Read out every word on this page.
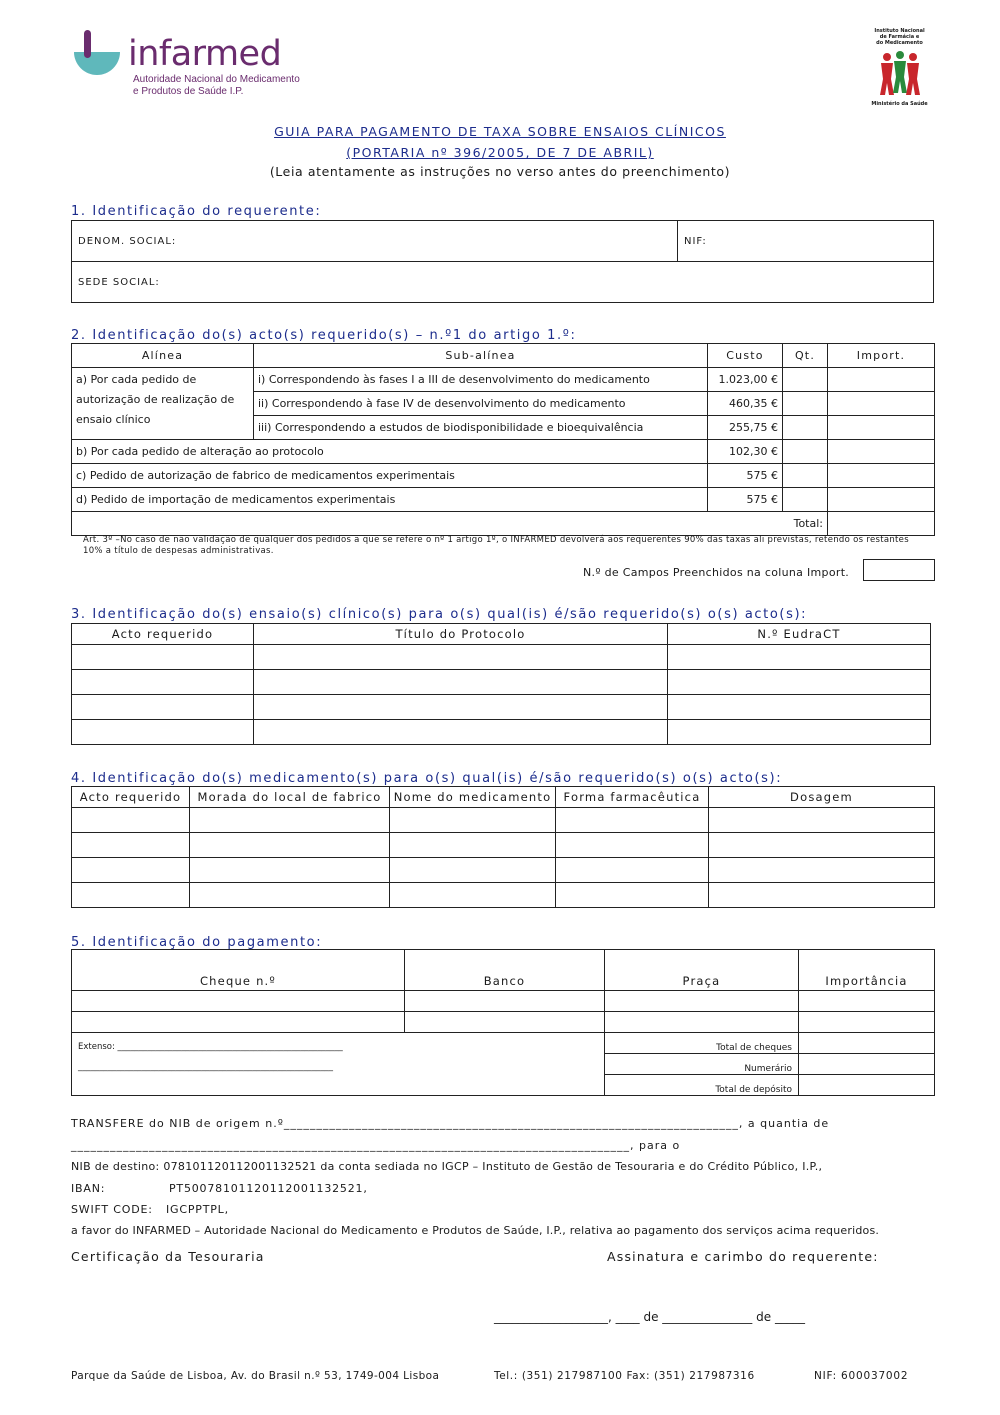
infarmed
Autoridade Nacional do Medicamento
e Produtos de Saúde I.P.
Instituto Nacional
de Farmácia e
do Medicamento
Ministério da Saúde
GUIA PARA PAGAMENTO DE TAXA SOBRE ENSAIOS CLÍNICOS
(PORTARIA nº 396/2005, DE 7 DE ABRIL)
(Leia atentamente as instruções no verso antes do preenchimento)
1. Identificação do requerente:
DENOM. SOCIAL:	NIF:
SEDE SOCIAL:
2. Identificação do(s) acto(s) requerido(s) – n.º1 do artigo 1.º:
Alínea	Sub-alínea	Custo	Qt.	Import.

a) Por cada pedido de
autorização de realização de
ensaio clínico	i) Correspondendo às fases I a III de desenvolvimento do medicamento	1.023,00 €		
	ii) Correspondendo à fase IV de desenvolvimento do medicamento	460,35 €		
	iii) Correspondendo a estudos de biodisponibilidade e bioequivalência	255,75 €		
b) Por cada pedido de alteração ao protocolo		102,30 €		
c) Pedido de autorização de fabrico de medicamentos experimentais		575 €		
d) Pedido de importação de medicamentos experimentais		575 €		
Total:				
Art. 3º –No caso de não validação de qualquer dos pedidos a que se refere o nº 1 artigo 1º, o INFARMED devolverá aos requerentes 90% das taxas ali previstas, retendo os restantes 10% a título de despesas administrativas.
N.º de Campos Preenchidos na coluna Import.
3. Identificação do(s) ensaio(s) clínico(s) para o(s) qual(is) é/são requerido(s) o(s) acto(s):
Acto requerido	Título do Protocolo	N.º EudraCT

4. Identificação do(s) medicamento(s) para o(s) qual(is) é/são requerido(s) o(s) acto(s):
Acto requerido	Morada do local de fabrico	Nome do medicamento	Forma farmacêutica	Dosagem

5. Identificação do pagamento:
Cheque n.º	Banco	Praça	Importância

Extenso: _____________________________________________________
____________________________________________________________		Total de cheques	
		Numerário	
		Total de depósito	
TRANSFERE do NIB de origem n.º______________________________________________________________________, a quantia de
______________________________________________________________________________________, para o
NIB de destino: 078101120112001132521 da conta sediada no IGCP – Instituto de Gestão de Tesouraria e do Crédito Público, I.P.,
IBAN:	PT50078101120112001132521,
SWIFT CODE: IGCPPTPL,
a favor do INFARMED – Autoridade Nacional do Medicamento e Produtos de Saúde, I.P., relativa ao pagamento dos serviços acima requeridos.
Certificação da Tesouraria	Assinatura e carimbo do requerente:
___________________, ____ de _______________ de _____
Parque da Saúde de Lisboa, Av. do Brasil n.º 53, 1749-004 Lisboa	Tel.: (351) 217987100 Fax: (351) 217987316	NIF: 600037002
